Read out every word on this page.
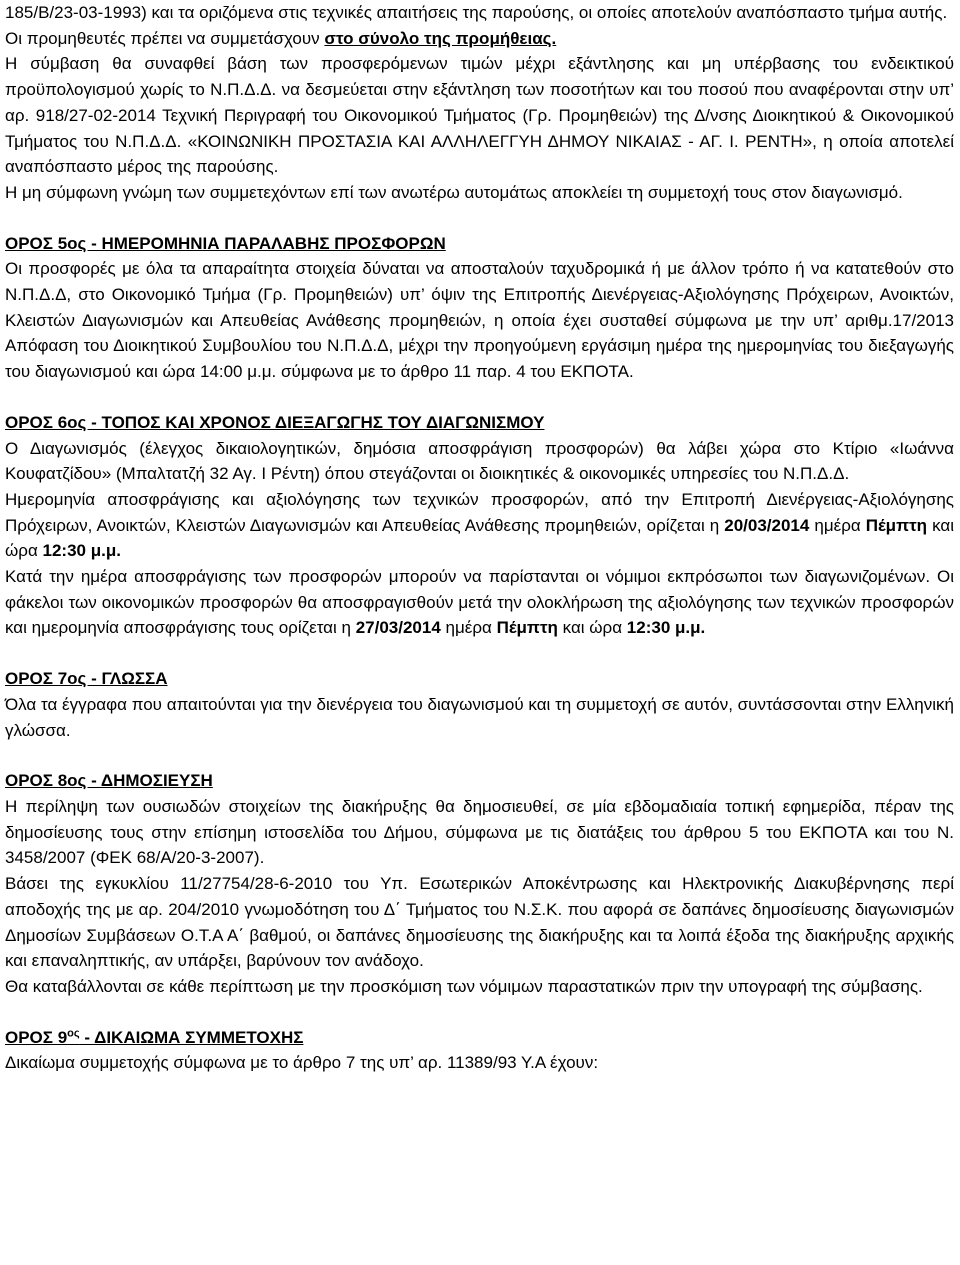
185/Β/23-03-1993) και τα οριζόμενα στις τεχνικές απαιτήσεις της παρούσης, οι οποίες αποτελούν αναπόσπαστο τμήμα αυτής.

Οι προμηθευτές πρέπει να συμμετάσχουν στο σύνολο της προμήθειας.

Η σύμβαση θα συναφθεί βάση των προσφερόμενων τιμών μέχρι εξάντλησης και μη υπέρβασης του ενδεικτικού προϋπολογισμού χωρίς το Ν.Π.Δ.Δ. να δεσμεύεται στην εξάντληση των ποσοτήτων και του ποσού που αναφέρονται στην υπ’ αρ. 918/27-02-2014 Τεχνική Περιγραφή του Οικονομικού Τμήματος (Γρ. Προμηθειών) της Δ/νσης Διοικητικού & Οικονομικού Τμήματος του Ν.Π.Δ.Δ. «ΚΟΙΝΩΝΙΚΗ ΠΡΟΣΤΑΣΙΑ ΚΑΙ ΑΛΛΗΛΕΓΓΥΗ ΔΗΜΟΥ ΝΙΚΑΙΑΣ - ΑΓ. Ι. ΡΕΝΤΗ», η οποία αποτελεί αναπόσπαστο μέρος της παρούσης.

Η μη σύμφωνη γνώμη των συμμετεχόντων επί των ανωτέρω αυτομάτως αποκλείει τη συμμετοχή τους στον διαγωνισμό.

ΟΡΟΣ 5ος - ΗΜΕΡΟΜΗΝΙΑ ΠΑΡΑΛΑΒΗΣ ΠΡΟΣΦΟΡΩΝ

Οι προσφορές με όλα τα απαραίτητα στοιχεία δύναται να αποσταλούν ταχυδρομικά ή με άλλον τρόπο ή να κατατεθούν στο Ν.Π.Δ.Δ, στο Οικονομικό Τμήμα (Γρ. Προμηθειών) υπ’ όψιν της Επιτροπής Διενέργειας-Αξιολόγησης Πρόχειρων, Ανοικτών, Κλειστών Διαγωνισμών και Απευθείας Ανάθεσης προμηθειών, η οποία έχει συσταθεί σύμφωνα με την υπ’ αριθμ.17/2013 Απόφαση του Διοικητικού Συμβουλίου του Ν.Π.Δ.Δ, μέχρι την προηγούμενη εργάσιμη ημέρα της ημερομηνίας του διεξαγωγής του διαγωνισμού και ώρα 14:00 μ.μ. σύμφωνα με το άρθρο 11 παρ. 4 του ΕΚΠΟΤΑ.

ΟΡΟΣ 6ος - ΤΟΠΟΣ ΚΑΙ ΧΡΟΝΟΣ ΔΙΕΞΑΓΩΓΗΣ ΤΟΥ ΔΙΑΓΩΝΙΣΜΟΥ

Ο Διαγωνισμός (έλεγχος δικαιολογητικών, δημόσια αποσφράγιση προσφορών) θα λάβει χώρα στο Κτίριο «Ιωάννα Κουφατζίδου» (Μπαλτατζή 32 Αγ. Ι Ρέντη) όπου στεγάζονται οι διοικητικές & οικονομικές υπηρεσίες του Ν.Π.Δ.Δ.

Ημερομηνία αποσφράγισης και αξιολόγησης των τεχνικών προσφορών, από την Επιτροπή Διενέργειας-Αξιολόγησης Πρόχειρων, Ανοικτών, Κλειστών Διαγωνισμών και Απευθείας Ανάθεσης προμηθειών, ορίζεται η 20/03/2014 ημέρα Πέμπτη και ώρα 12:30 μ.μ.

Κατά την ημέρα αποσφράγισης των προσφορών μπορούν να παρίστανται οι νόμιμοι εκπρόσωποι των διαγωνιζομένων. Οι φάκελοι των οικονομικών προσφορών θα αποσφραγισθούν μετά την ολοκλήρωση της αξιολόγησης των τεχνικών προσφορών και ημερομηνία αποσφράγισης τους ορίζεται η 27/03/2014 ημέρα Πέμπτη και ώρα 12:30 μ.μ.

ΟΡΟΣ 7ος - ΓΛΩΣΣΑ

Όλα τα έγγραφα που απαιτούνται για την διενέργεια του διαγωνισμού και τη συμμετοχή σε αυτόν, συντάσσονται στην Ελληνική γλώσσα.

ΟΡΟΣ 8ος - ΔΗΜΟΣΙΕΥΣΗ

Η περίληψη των ουσιωδών στοιχείων της διακήρυξης θα δημοσιευθεί, σε μία εβδομαδιαία τοπική εφημερίδα, πέραν της δημοσίευσης τους στην επίσημη ιστοσελίδα του Δήμου, σύμφωνα με τις διατάξεις του άρθρου 5 του ΕΚΠΟΤΑ και του Ν. 3458/2007 (ΦΕΚ 68/Α/20-3-2007).

Βάσει της εγκυκλίου 11/27754/28-6-2010 του Υπ. Εσωτερικών Αποκέντρωσης και Ηλεκτρονικής Διακυβέρνησης περί αποδοχής της με αρ. 204/2010 γνωμοδότηση του Δ΄ Τμήματος του Ν.Σ.Κ. που αφορά σε δαπάνες δημοσίευσης διαγωνισμών Δημοσίων Συμβάσεων Ο.Τ.Α Α΄ βαθμού, οι δαπάνες δημοσίευσης της διακήρυξης και τα λοιπά έξοδα της διακήρυξης αρχικής και επαναληπτικής, αν υπάρξει, βαρύνουν τον ανάδοχο.

Θα καταβάλλονται σε κάθε περίπτωση με την προσκόμιση των νόμιμων παραστατικών πριν την υπογραφή της σύμβασης.

ΟΡΟΣ $9^{o\varsigma}$ - ΔΙΚΑΙΩΜΑ ΣΥΜΜΕΤΟΧΗΣ

Δικαίωμα συμμετοχής σύμφωνα με το άρθρο 7 της υπ’ αρ. 11389/93 Υ.Α έχουν:
